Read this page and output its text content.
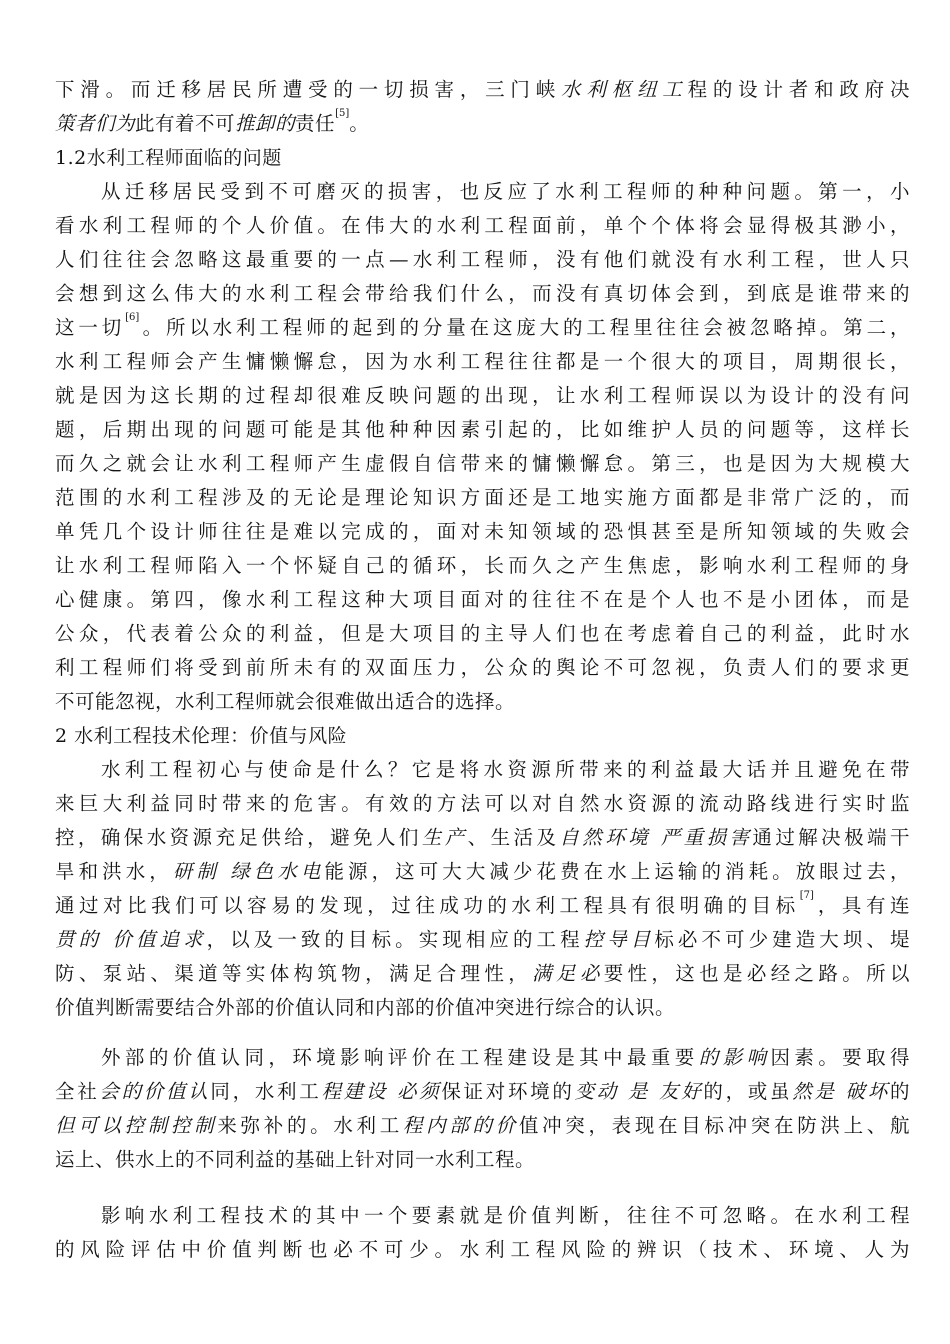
下滑。而迁移居民所遭受的一切损害，三门峡水利枢纽工程的设计者和政府决
策者们为此有着不可推卸的责任[5]。
1.2水利工程师面临的问题
从迁移居民受到不可磨灭的损害，也反应了水利工程师的种种问题。第一，小
看水利工程师的个人价值。在伟大的水利工程面前，单个个体将会显得极其渺小，
人们往往会忽略这最重要的一点—水利工程师，没有他们就没有水利工程，世人只
会想到这么伟大的水利工程会带给我们什么，而没有真切体会到，到底是谁带来的
这一切[6]。所以水利工程师的起到的分量在这庞大的工程里往往会被忽略掉。第二，
水利工程师会产生慵懒懈怠，因为水利工程往往都是一个很大的项目，周期很长，
就是因为这长期的过程却很难反映问题的出现，让水利工程师误以为设计的没有问
题，后期出现的问题可能是其他种种因素引起的，比如维护人员的问题等，这样长
而久之就会让水利工程师产生虚假自信带来的慵懒懈怠。第三，也是因为大规模大
范围的水利工程涉及的无论是理论知识方面还是工地实施方面都是非常广泛的，而
单凭几个设计师往往是难以完成的，面对未知领域的恐惧甚至是所知领域的失败会
让水利工程师陷入一个怀疑自己的循环，长而久之产生焦虑，影响水利工程师的身
心健康。第四，像水利工程这种大项目面对的往往不在是个人也不是小团体，而是
公众，代表着公众的利益，但是大项目的主导人们也在考虑着自己的利益，此时水
利工程师们将受到前所未有的双面压力，公众的舆论不可忽视，负责人们的要求更
不可能忽视，水利工程师就会很难做出适合的选择。
2 水利工程技术伦理：价值与风险
水利工程初心与使命是什么？它是将水资源所带来的利益最大话并且避免在带
来巨大利益同时带来的危害。有效的方法可以对自然水资源的流动路线进行实时监
控，确保水资源充足供给，避免人们生产、生活及自然环境 严重损害通过解决极端干
旱和洪水，研制 绿色水电能源，这可大大减少花费在水上运输的消耗。放眼过去，
通过对比我们可以容易的发现，过往成功的水利工程具有很明确的目标[7]，具有连
贯的 价值追求，以及一致的目标。实现相应的工程控导目标必不可少建造大坝、堤
防、泵站、渠道等实体构筑物，满足合理性，满足必要性，这也是必经之路。所以
价值判断需要结合外部的价值认同和内部的价值冲突进行综合的认识。
外部的价值认同，环境影响评价在工程建设是其中最重要的影响因素。要取得
全社会的价值认同，水利工程建设 必须保证对环境的变动 是 友好的，或虽然是 破坏的
但可以控制控制来弥补的。水利工程内部的价值冲突，表现在目标冲突在防洪上、航
运上、供水上的不同利益的基础上针对同一水利工程。
影响水利工程技术的其中一个要素就是价值判断，往往不可忽略。在水利工程
的风险评估中价值判断也必不可少。水利工程风险的辨识（技术、环境、人为
